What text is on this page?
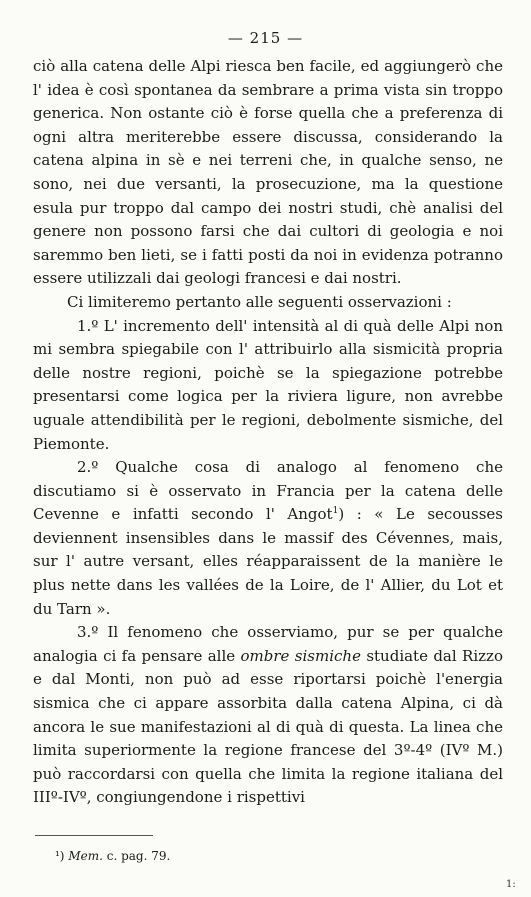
— 215 —

ciò alla catena delle Alpi riesca ben facile, ed aggiungerò che l' idea è così spontanea da sembrare a prima vista sin troppo generica. Non ostante ciò è forse quella che a preferenza di ogni altra meriterebbe essere discussa, considerando la catena alpina in sè e nei terreni che, in qualche senso, ne sono, nei due versanti, la prosecuzione, ma la questione esula pur troppo dal campo dei nostri studi, chè analisi del genere non possono farsi che dai cultori di geologia e noi saremmo ben lieti, se i fatti posti da noi in evidenza potranno essere utilizzali dai geologi francesi e dai nostri.

Ci limiteremo pertanto alle seguenti osservazioni :

1.º L' incremento dell' intensità al di quà delle Alpi non mi sembra spiegabile con l' attribuirlo alla sismicità propria delle nostre regioni, poichè se la spiegazione potrebbe presentarsi come logica per la riviera ligure, non avrebbe uguale attendibilità per le regioni, debolmente sismiche, del Piemonte.

2.º Qualche cosa di analogo al fenomeno che discutiamo si è osservato in Francia per la catena delle Cevenne e infatti secondo l' Angot$^1$) : « Le secousses deviennent insensibles dans le massif des Cévennes, mais, sur l' autre versant, elles réapparaissent de la manière le plus nette dans les vallées de la Loire, de l' Allier, du Lot et du Tarn ».

3.º Il fenomeno che osserviamo, pur se per qualche analogia ci fa pensare alle ombre sismiche studiate dal Rizzo e dal Monti, non può ad esse riportarsi poichè l'energia sismica che ci appare assorbita dalla catena Alpina, ci dà ancora le sue manifestazioni al di quà di questa. La linea che limita superiormente la regione francese del 3º-4º (IVº M.) può raccordarsi con quella che limita la regione italiana del IIIº-IVº, congiungendone i rispettivi

¹) Mem. c. pag. 79.
1:
